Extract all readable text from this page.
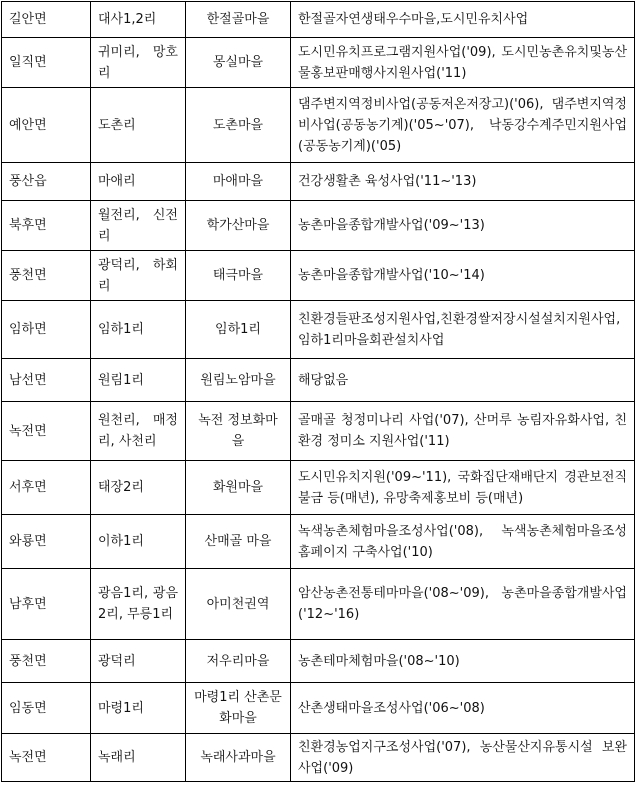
길안면	대사1,2리	한절골마을	한절골자연생태우수마을,도시민유치사업
일직면	귀미리, 망호리	몽실마을	도시민유치프로그램지원사업('09), 도시민농촌유치및농산물홍보판매행사지원사업('11)
예안면	도촌리	도촌마을	댐주변지역정비사업(공동저온저장고)('06), 댐주변지역정비사업(공동농기계)('05~'07), 낙동강수계주민지원사업(공동농기계)('05)
풍산읍	마애리	마애마을	건강생활촌 육성사업('11~'13)
북후면	월전리, 신전리	학가산마을	농촌마을종합개발사업('09~'13)
풍천면	광덕리, 하회리	태극마을	농촌마을종합개발사업('10~'14)
임하면	임하1리	임하1리	친환경들판조성지원사업,친환경쌀저장시설설치지원사업,임하1리마을회관설치사업
남선면	원림1리	원림노암마을	해당없음
녹전면	원천리, 매정리, 사천리	녹전 정보화마을	골매골 청정미나리 사업('07), 산머루 농림자유화사업, 친환경 정미소 지원사업('11)
서후면	태장2리	화원마을	도시민유치지원('09~'11), 국화집단재배단지 경관보전직불금 등(매년), 유망축제홍보비 등(매년)
와룡면	이하1리	산매골 마을	녹색농촌체험마을조성사업('08), 녹색농촌체험마을조성 홈페이지 구축사업('10)
남후면	광음1리, 광음2리, 무릉1리	아미천권역	암산농촌전통테마마을('08~'09), 농촌마을종합개발사업('12~'16)
풍천면	광덕리	저우리마을	농촌테마체험마을('08~'10)
임동면	마령1리	마령1리 산촌문화마을	산촌생태마을조성사업('06~'08)
녹전면	녹래리	녹래사과마을	친환경농업지구조성사업('07), 농산물산지유통시설 보완사업('09)
